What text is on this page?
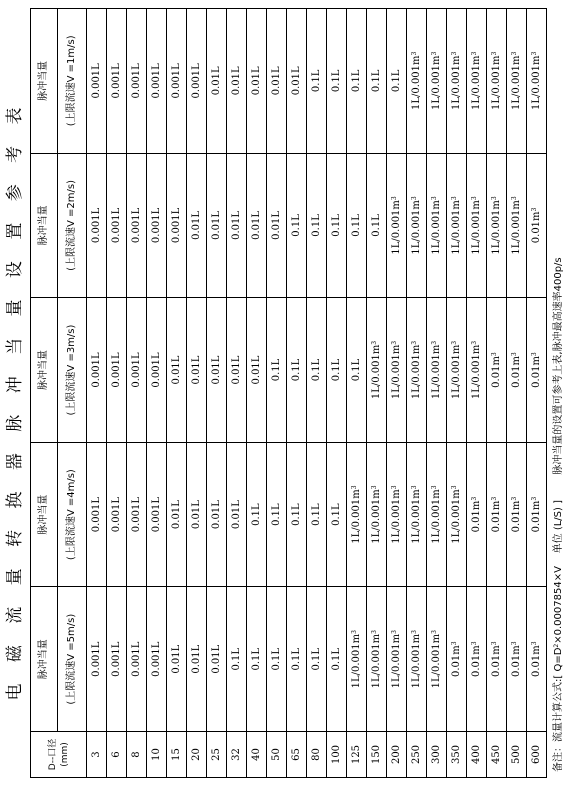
电 磁 流 量 转 换 器 脉 冲 当 量 设 置 参 考 表
D--口径 (mm)	脉冲当量	脉冲当量	脉冲当量	脉冲当量	脉冲当量
	(上限流速V =5m/s)	(上限流速V =4m/s)	(上限流速V =3m/s)	(上限流速V =2m/s)	(上限流速V =1m/s)
3	0.001L	0.001L	0.001L	0.001L	0.001L
6	0.001L	0.001L	0.001L	0.001L	0.001L
8	0.001L	0.001L	0.001L	0.001L	0.001L
10	0.001L	0.001L	0.001L	0.001L	0.001L
15	0.01L	0.01L	0.01L	0.001L	0.001L
20	0.01L	0.01L	0.01L	0.01L	0.001L
25	0.01L	0.01L	0.01L	0.01L	0.01L
32	0.1L	0.01L	0.01L	0.01L	0.01L
40	0.1L	0.1L	0.01L	0.01L	0.01L
50	0.1L	0.1L	0.1L	0.01L	0.01L
65	0.1L	0.1L	0.1L	0.1L	0.01L
80	0.1L	0.1L	0.1L	0.1L	0.1L
100	0.1L	0.1L	0.1L	0.1L	0.1L
125	$1L/0.001m^3$	$1L/0.001m^3$	0.1L	0.1L	0.1L
150	$1L/0.001m^3$	$1L/0.001m^3$	$1L/0.001m^3$	0.1L	0.1L
200	$1L/0.001m^3$	$1L/0.001m^3$	$1L/0.001m^3$	$1L/0.001m^3$	0.1L
250	$1L/0.001m^3$	$1L/0.001m^3$	$1L/0.001m^3$	$1L/0.001m^3$	$1L/0.001m^3$
300	$1L/0.001m^3$	$1L/0.001m^3$	$1L/0.001m^3$	$1L/0.001m^3$	$1L/0.001m^3$
350	$0.01m^3$	$1L/0.001m^3$	$1L/0.001m^3$	$1L/0.001m^3$	$1L/0.001m^3$
400	$0.01m^3$	$0.01m^3$	$1L/0.001m^3$	$1L/0.001m^3$	$1L/0.001m^3$
450	$0.01m^3$	$0.01m^3$	$0.01m^3$	$1L/0.001m^3$	$1L/0.001m^3$
500	$0.01m^3$	$0.01m^3$	$0.01m^3$	$1L/0.001m^3$	$1L/0.001m^3$
600	$0.01m^3$	$0.01m^3$	$0.01m^3$	$0.01m^3$	$1L/0.001m^3$
备注：流量计算公式:[ $Q=D^2\times 0.0007854\times V$    单位 (L/S) ]        脉冲当量的设置可参考上表,脉冲最高速率400p/s
